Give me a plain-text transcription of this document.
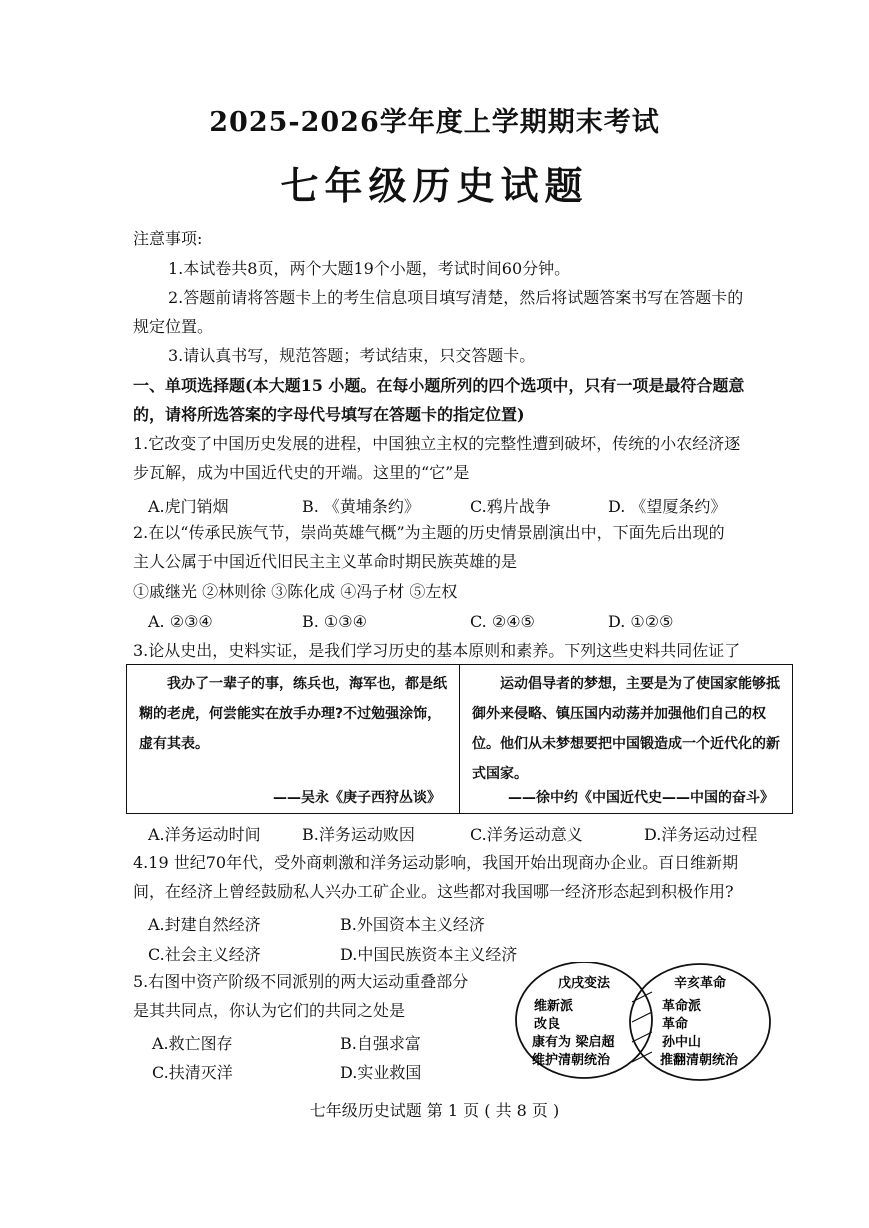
2025-2026学年度上学期期末考试
七年级历史试题
注意事项:
1.本试卷共8页，两个大题19个小题，考试时间60分钟。
2.答题前请将答题卡上的考生信息项目填写清楚，然后将试题答案书写在答题卡的
规定位置。
3.请认真书写，规范答题；考试结束，只交答题卡。
一、单项选择题(本大题15 小题。在每小题所列的四个选项中，只有一项是最符合题意
的，请将所选答案的字母代号填写在答题卡的指定位置)
1.它改变了中国历史发展的进程，中国独立主权的完整性遭到破坏，传统的小农经济逐
步瓦解，成为中国近代史的开端。这里的“它”是
A.虎门销烟	B. 《黄埔条约》	C.鸦片战争	D. 《望厦条约》
2.在以“传承民族气节，崇尚英雄气概”为主题的历史情景剧演出中，下面先后出现的
主人公属于中国近代旧民主主义革命时期民族英雄的是
①戚继光 ②林则徐 ③陈化成 ④冯子材 ⑤左权
A. ②③④	B. ①③④	C. ②④⑤	D. ①②⑤
3.论从史出，史料实证，是我们学习历史的基本原则和素养。下列这些史料共同佐证了
我办了一辈子的事，练兵也，海军也，都是纸糊的老虎，何尝能实在放手办理?不过勉强涂饰，虚有其表。
——吴永《庚子西狩丛谈》

运动倡导者的梦想，主要是为了使国家能够抵御外来侵略、镇压国内动荡并加强他们自己的权位。他们从未梦想要把中国锻造成一个近代化的新式国家。
——徐中约《中国近代史——中国的奋斗》
A.洋务运动时间	B.洋务运动败因	C.洋务运动意义	D.洋务运动过程
4.19 世纪70年代，受外商刺激和洋务运动影响，我国开始出现商办企业。百日维新期
间，在经济上曾经鼓励私人兴办工矿企业。这些都对我国哪一经济形态起到积极作用?
A.封建自然经济	B.外国资本主义经济
C.社会主义经济	D.中国民族资本主义经济
5.右图中资产阶级不同派别的两大运动重叠部分
是其共同点，你认为它们的共同之处是
A.救亡图存	B.自强求富
C.扶清灭洋	D.实业救国
戊戌变法	辛亥革命
维新派
改良
康有为 梁启超
维护清朝统治
革命派
革命
孙中山
推翻清朝统治
七年级历史试题 第 1 页 ( 共 8 页 )
